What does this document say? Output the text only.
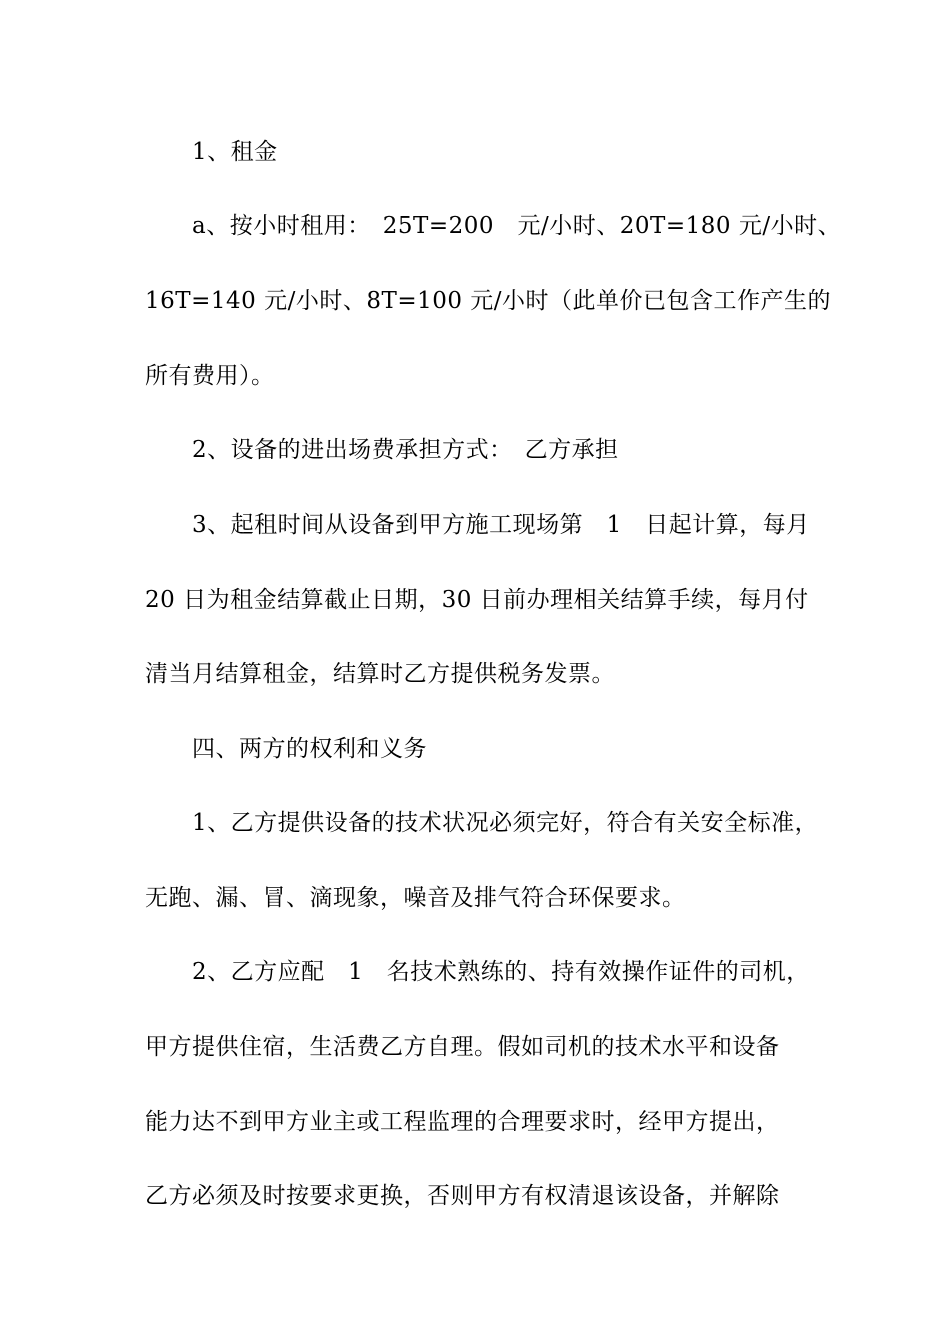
1、租金
a、按小时租用：　25T=200　元/小时、20T=180 元/小时、
16T=140 元/小时、8T=100 元/小时（此单价已包含工作产生的
所有费用）。
2、设备的进出场费承担方式：　乙方承担
3、起租时间从设备到甲方施工现场第　1　日起计算，每月
20 日为租金结算截止日期，30 日前办理相关结算手续，每月付
清当月结算租金，结算时乙方提供税务发票。
四、两方的权利和义务
1、乙方提供设备的技术状况必须完好，符合有关安全标准，
无跑、漏、冒、滴现象，噪音及排气符合环保要求。
2、乙方应配　1　名技术熟练的、持有效操作证件的司机，
甲方提供住宿，生活费乙方自理。假如司机的技术水平和设备
能力达不到甲方业主或工程监理的合理要求时，经甲方提出，
乙方必须及时按要求更换，否则甲方有权清退该设备，并解除
